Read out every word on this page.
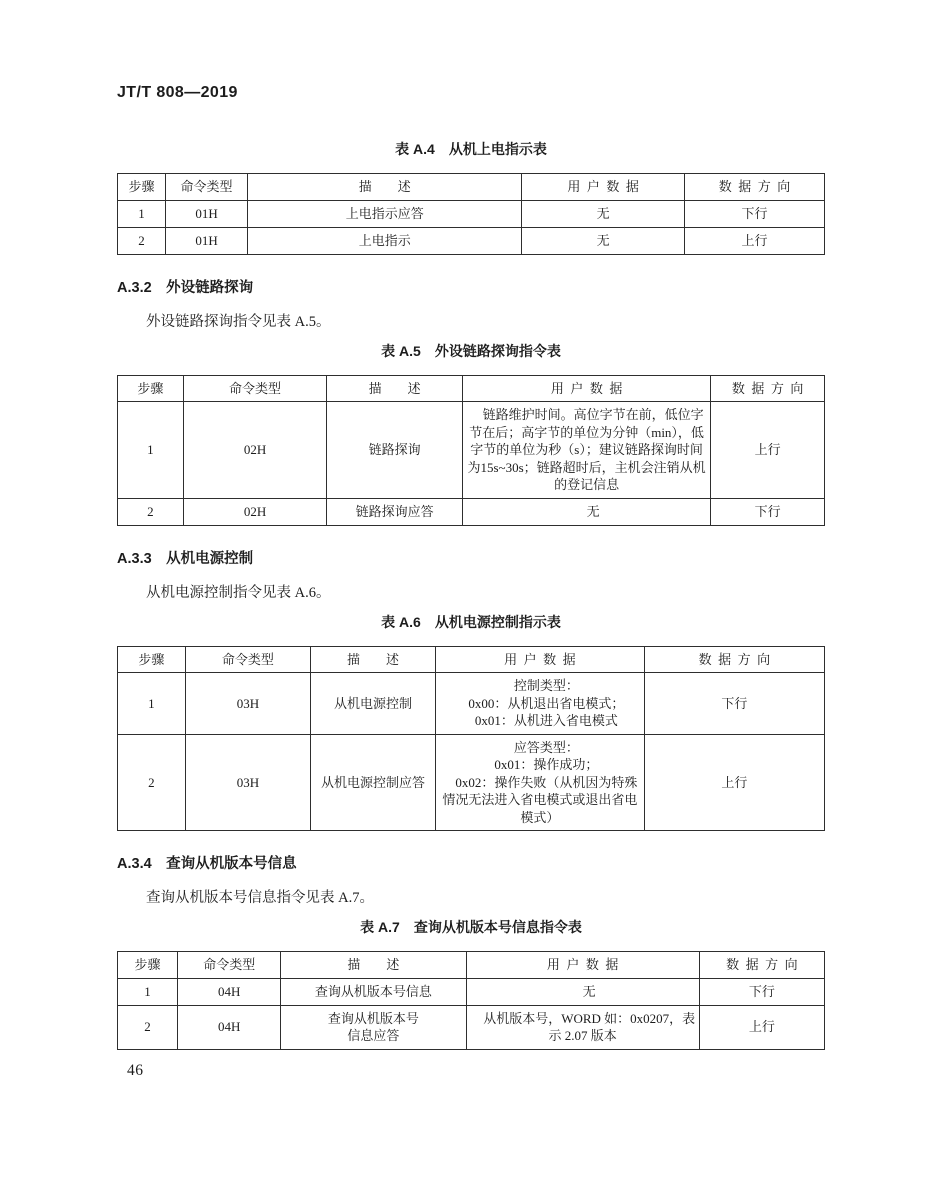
JT/T 808—2019
表 A.4　从机上电指示表
步骤	命令类型	描　　述	用 户 数 据	数 据 方 向

1	01H	上电指示应答	无	下行

2	01H	上电指示	无	上行
A.3.2　外设链路探询

外设链路探询指令见表 A.5。

表 A.5　外设链路探询指令表
步骤	命令类型	描　　述	用 户 数 据	数 据 方 向

1	02H	链路探询	链路维护时间。高位字节在前，低位字节在后；高字节的单位为分钟（min），低字节的单位为秒（s）；建议链路探询时间为15s~30s；链路超时后，主机会注销从机的登记信息	上行

2	02H	链路探询应答	无	下行
A.3.3　从机电源控制

从机电源控制指令见表 A.6。

表 A.6　从机电源控制指示表
步骤	命令类型	描　　述	用 户 数 据	数 据 方 向

1	03H	从机电源控制	控制类型：
0x00：从机退出省电模式；
0x01：从机进入省电模式	下行

2	03H	从机电源控制应答	应答类型：
0x01：操作成功；
0x02：操作失败（从机因为特殊情况无法进入省电模式或退出省电模式）	上行
A.3.4　查询从机版本号信息

查询从机版本号信息指令见表 A.7。

表 A.7　查询从机版本号信息指令表
步骤	命令类型	描　　述	用 户 数 据	数 据 方 向

1	04H	查询从机版本号信息	无	下行

2	04H	查询从机版本号
信息应答	从机版本号，WORD 如：0x0207，表示 2.07 版本	上行
46
